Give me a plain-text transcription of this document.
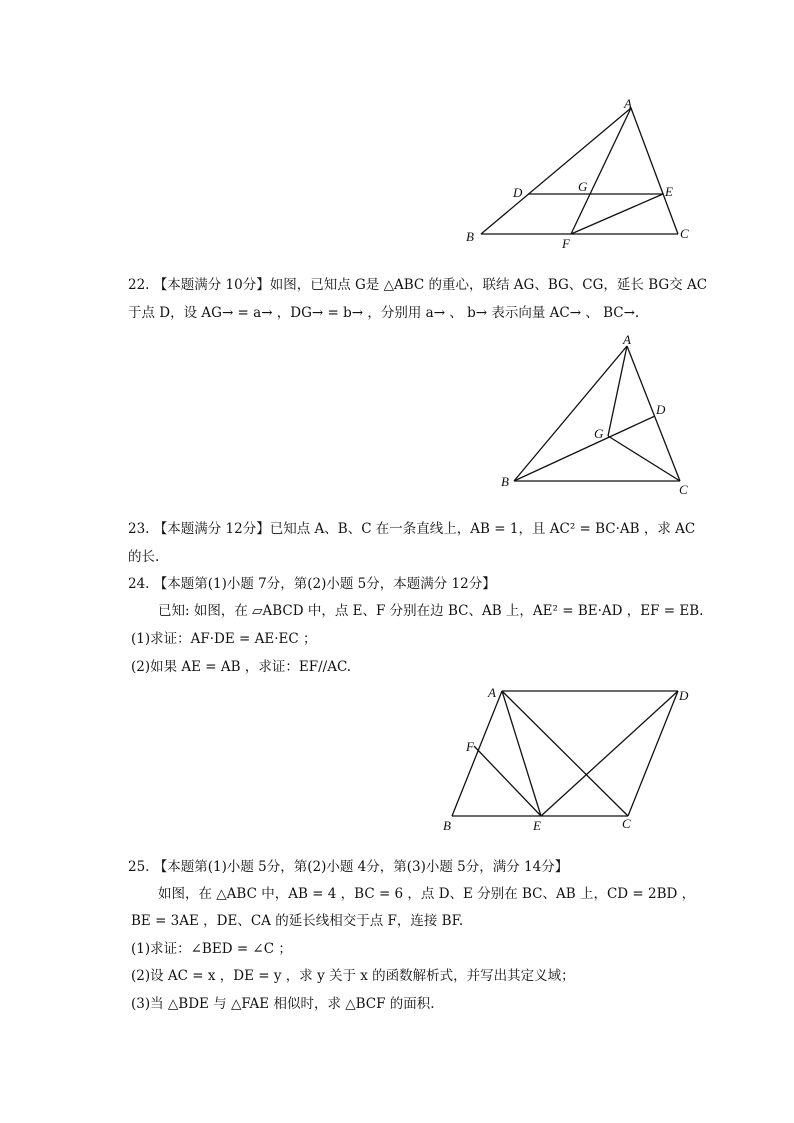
A
D	G	E
B	F
C
22. 【本题满分 10分】如图，已知点 G是 △ABC 的重心，联结 AG、BG、CG，延长 BG交 AC
于点 D，设 AG→ = a→ ，DG→ = b→ ，分别用 a→ 、 b→ 表示向量 AC→ 、 BC→.
A
D
G
B
C
23. 【本题满分 12分】已知点 A、B、C 在一条直线上，AB = 1，且 AC² = BC·AB ，求 AC
的长.
24. 【本题第(1)小题 7分，第(2)小题 5分，本题满分 12分】
已知: 如图，在 ▱ABCD 中，点 E、F 分别在边 BC、AB 上，AE² = BE·AD ，EF = EB.
(1)求证：AF·DE = AE·EC ；
(2)如果 AE = AB ，求证：EF//AC.
A	D
F
B	E	C
25. 【本题第(1)小题 5分，第(2)小题 4分，第(3)小题 5分，满分 14分】
如图，在 △ABC 中，AB = 4 ，BC = 6 ，点 D、E 分别在 BC、AB 上，CD = 2BD ，
BE = 3AE ，DE、CA 的延长线相交于点 F，连接 BF.
(1)求证：∠BED = ∠C ；
(2)设 AC = x ，DE = y ，求 y 关于 x 的函数解析式，并写出其定义域；
(3)当 △BDE 与 △FAE 相似时，求 △BCF 的面积.
